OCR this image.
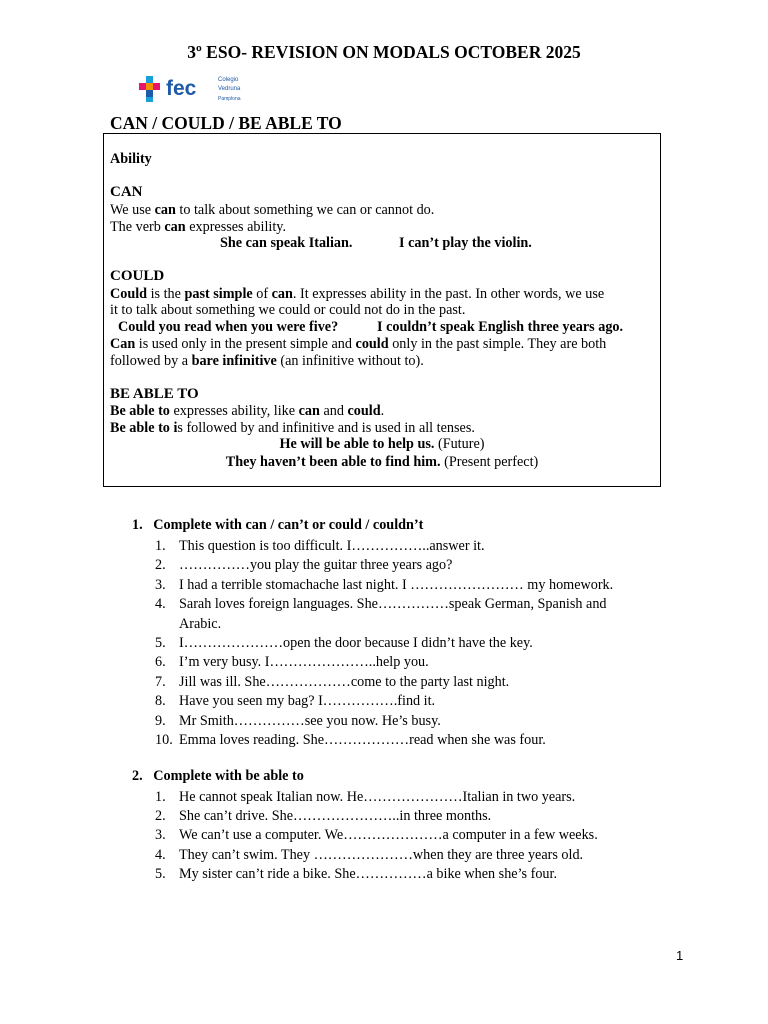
3º ESO- REVISION ON MODALS OCTOBER 2025
fec	Colegio
Vedruna
Pamplona
CAN / COULD / BE ABLE TO
Ability
CAN
We use can to talk about something we can or cannot do.
The verb can expresses ability.
She can speak Italian.	I can’t play the violin.
COULD
Could is the past simple of can. It expresses ability in the past. In other words, we use
it to talk about something we could or could not do in the past.
Could you read when you were five?	I couldn’t speak English three years ago.
Can is used only in the present simple and could only in the past simple. They are both
followed by a bare infinitive (an infinitive without to).
BE ABLE TO
Be able to expresses ability, like can and could.
Be able to is followed by and infinitive and is used in all tenses.
He will be able to help us. (Future)
They haven’t been able to find him. (Present perfect)
1. Complete with can / can’t or could / couldn’t
1. This question is too difficult. I……………..answer it.
2. ……………you play the guitar three years ago?
3. I had a terrible stomachache last night. I …………………… my homework.
4. Sarah loves foreign languages. She……………speak German, Spanish and
Arabic.
5. I…………………open the door because I didn’t have the key.
6. I’m very busy. I…………………..help you.
7. Jill was ill. She………………come to the party last night.
8. Have you seen my bag? I…………….find it.
9. Mr Smith……………see you now. He’s busy.
10. Emma loves reading. She………………read when she was four.
2. Complete with be able to
1. He cannot speak Italian now. He…………………Italian in two years.
2. She can’t drive. She…………………..in three months.
3. We can’t use a computer. We…………………a computer in a few weeks.
4. They can’t swim. They …………………when they are three years old.
5. My sister can’t ride a bike. She……………a bike when she’s four.
1
